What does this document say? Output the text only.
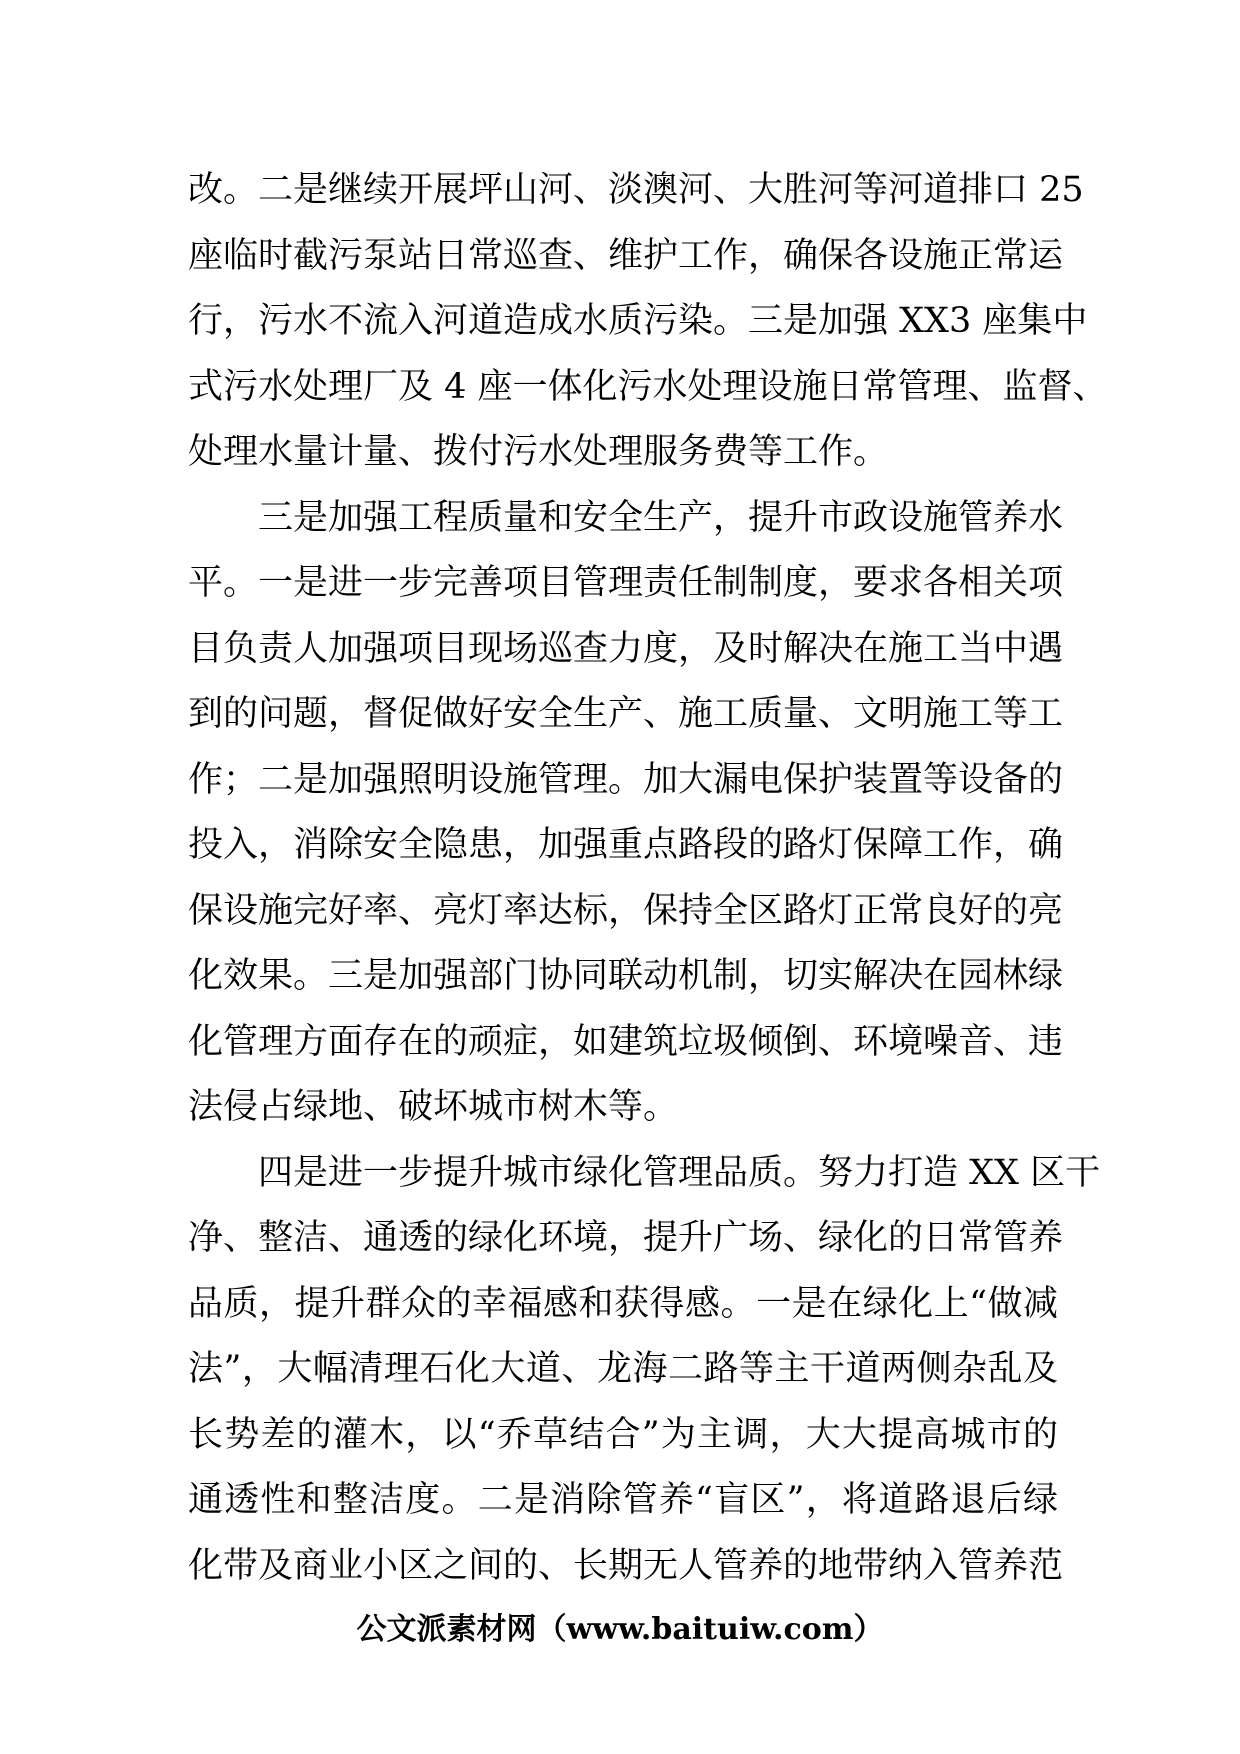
改。二是继续开展坪山河、淡澳河、大胜河等河道排口 25
座临时截污泵站日常巡查、维护工作，确保各设施正常运
行，污水不流入河道造成水质污染。三是加强 XX3 座集中
式污水处理厂及 4 座一体化污水处理设施日常管理、监督、
处理水量计量、拨付污水处理服务费等工作。
三是加强工程质量和安全生产，提升市政设施管养水
平。一是进一步完善项目管理责任制制度，要求各相关项
目负责人加强项目现场巡查力度，及时解决在施工当中遇
到的问题，督促做好安全生产、施工质量、文明施工等工
作；二是加强照明设施管理。加大漏电保护装置等设备的
投入，消除安全隐患，加强重点路段的路灯保障工作，确
保设施完好率、亮灯率达标，保持全区路灯正常良好的亮
化效果。三是加强部门协同联动机制，切实解决在园林绿
化管理方面存在的顽症，如建筑垃圾倾倒、环境噪音、违
法侵占绿地、破坏城市树木等。
四是进一步提升城市绿化管理品质。努力打造 XX 区干
净、整洁、通透的绿化环境，提升广场、绿化的日常管养
品质，提升群众的幸福感和获得感。一是在绿化上“做减
法”，大幅清理石化大道、龙海二路等主干道两侧杂乱及
长势差的灌木，以“乔草结合”为主调，大大提高城市的
通透性和整洁度。二是消除管养“盲区”，将道路退后绿
化带及商业小区之间的、长期无人管养的地带纳入管养范
公文派素材网（www.baituiw.com）
